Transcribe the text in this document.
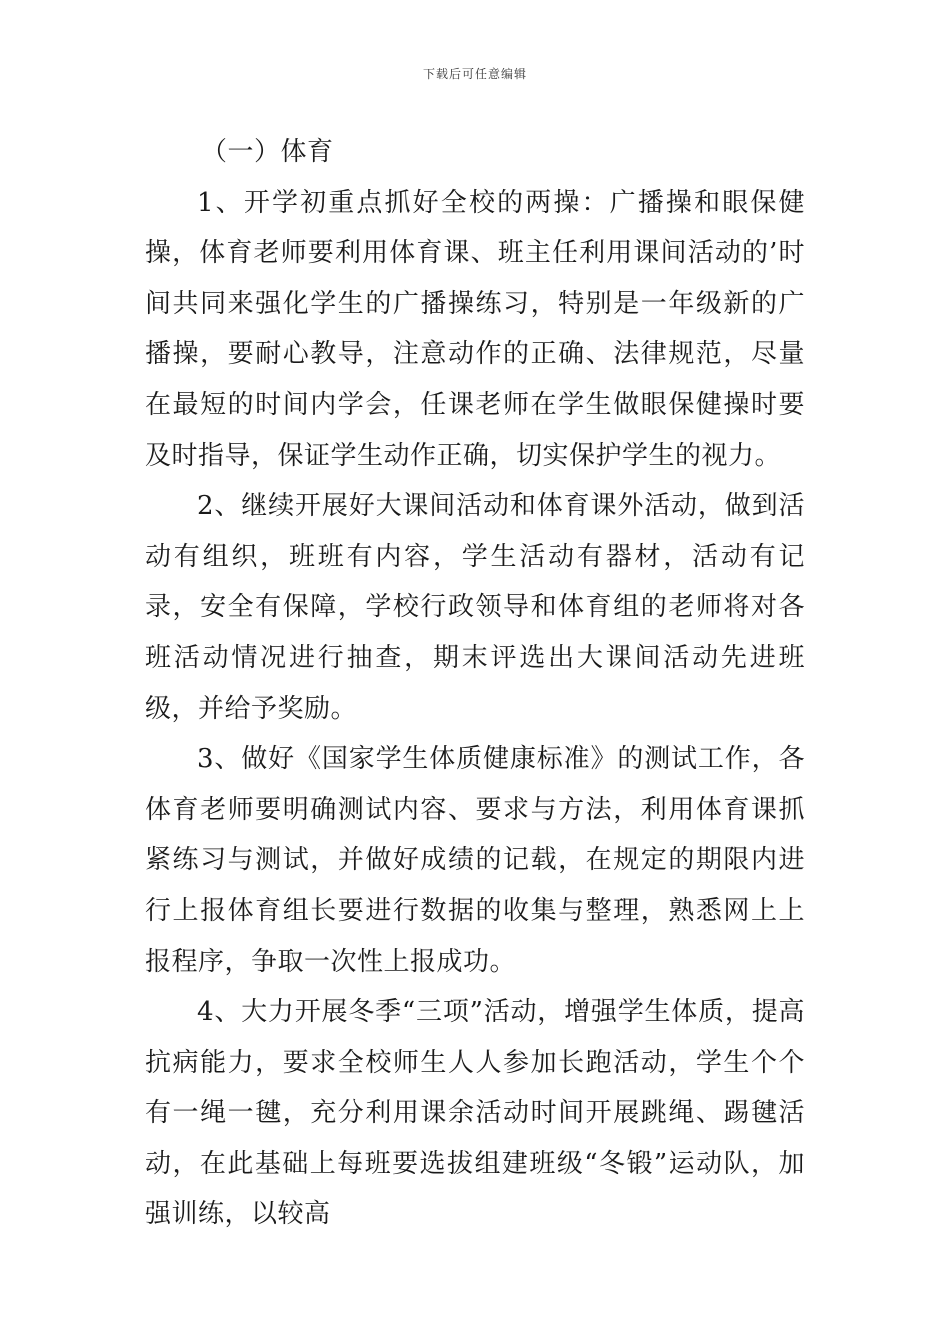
下载后可任意编辑

（一）体育

1、开学初重点抓好全校的两操：广播操和眼保健操，体育老师要利用体育课、班主任利用课间活动的’时间共同来强化学生的广播操练习，特别是一年级新的广播操，要耐心教导，注意动作的正确、法律规范，尽量在最短的时间内学会，任课老师在学生做眼保健操时要及时指导，保证学生动作正确，切实保护学生的视力。

2、继续开展好大课间活动和体育课外活动，做到活动有组织，班班有内容，学生活动有器材，活动有记录，安全有保障，学校行政领导和体育组的老师将对各班活动情况进行抽查，期末评选出大课间活动先进班级，并给予奖励。

3、做好《国家学生体质健康标准》的测试工作，各体育老师要明确测试内容、要求与方法，利用体育课抓紧练习与测试，并做好成绩的记载，在规定的期限内进行上报体育组长要进行数据的收集与整理，熟悉网上上报程序，争取一次性上报成功。

4、大力开展冬季“三项”活动，增强学生体质，提高抗病能力，要求全校师生人人参加长跑活动，学生个个有一绳一毽，充分利用课余活动时间开展跳绳、踢毽活动，在此基础上每班要选拔组建班级“冬锻”运动队，加强训练，以较高
